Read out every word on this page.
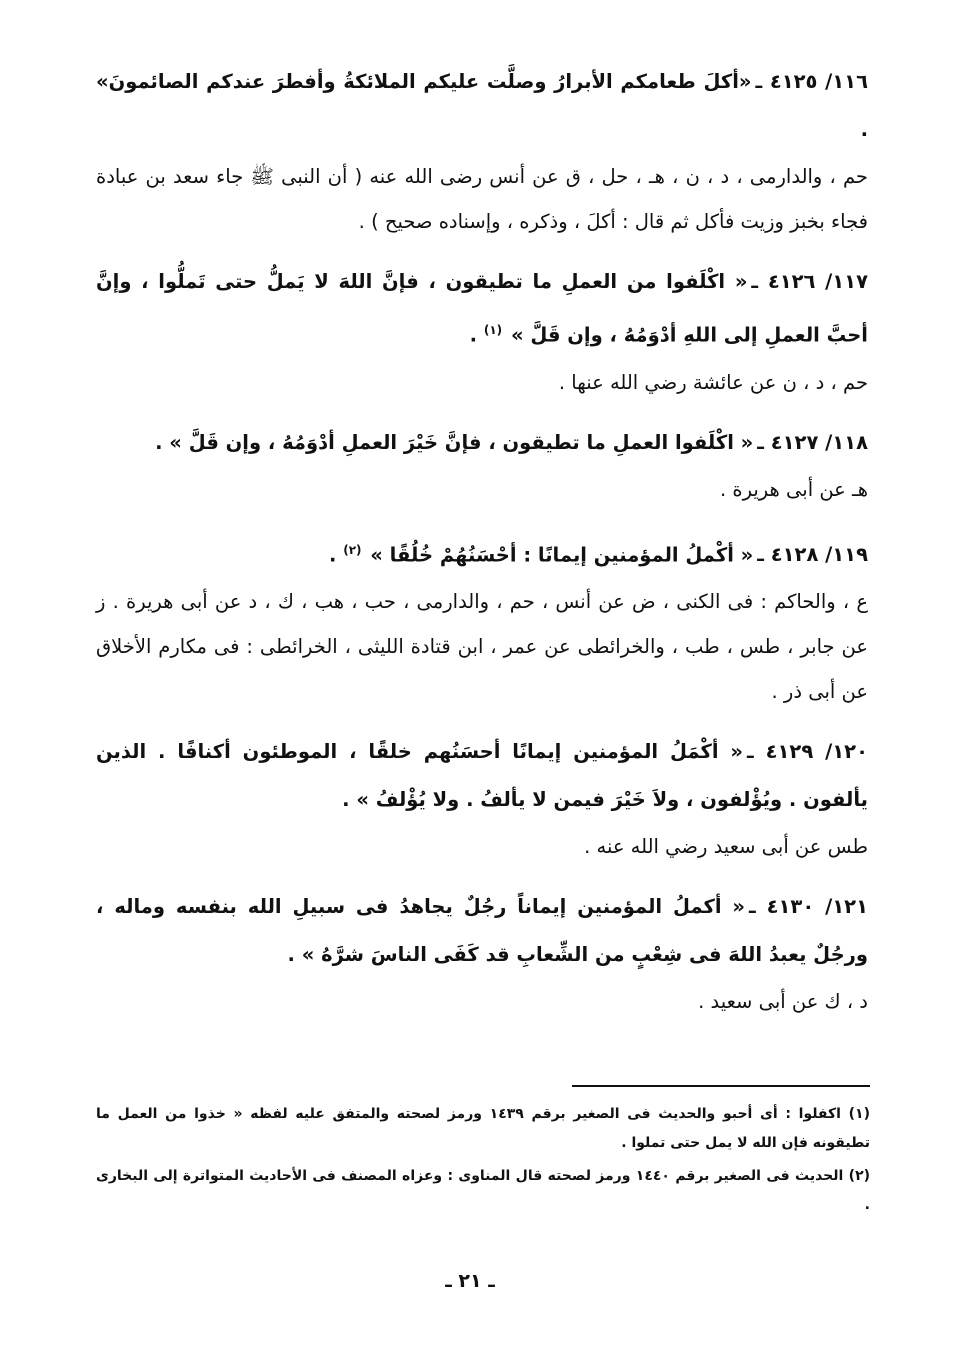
١١٦/ ٤١٢٥ ـ«أكلَ طعامكم الأبرارُ وصلَّت عليكم الملائكةُ وأفطرَ عندكم الصائمونَ» .

حم ، والدارمى ، د ، ن ، هـ ، حل ، ق عن أنس رضى الله عنه ( أن النبى ﷺ جاء سعد بن عبادة فجاء بخبز وزيت فأكل ثم قال : أكلَ ، وذكره ، وإسناده صحيح ) .

١١٧/ ٤١٢٦ ـ« اكْلَفوا من العملِ ما تطيقون ، فإنَّ اللهَ لا يَملُّ حتى تَملُّوا ، وإنَّ أحبَّ العملِ إلى اللهِ أدْوَمُهُ ، وإن قَلَّ » $^{(١)}$ .

حم ، د ، ن عن عائشة رضي الله عنها .

١١٨/ ٤١٢٧ ـ« اكْلَفوا العملِ ما تطيقون ، فإنَّ خَيْرَ العملِ أدْوَمُهُ ، وإن قَلَّ » .

هـ عن أبى هريرة .

١١٩/ ٤١٢٨ ـ« أكْملُ المؤمنين إيمانًا : أحْسَنُهُمْ خُلُقًا » $^{(٢)}$ .

ع ، والحاكم : فى الكنى ، ض عن أنس ، حم ، والدارمى ، حب ، هب ، ك ، د عن أبى هريرة . ز عن جابر ، طس ، طب ، والخرائطى عن عمر ، ابن قتادة الليثى ، الخرائطى : فى مكارم الأخلاق عن أبى ذر .

١٢٠/ ٤١٢٩ ـ« أكْمَلُ المؤمنين إيمانًا أحسَنُهم خلقًا ، الموطئون أكنافًا . الذين يألفون . ويُؤْلفون ، ولاَ خَيْرَ فيمن لا يألفُ . ولا يُؤْلفُ » .

طس عن أبى سعيد رضي الله عنه .

١٢١/ ٤١٣٠ ـ« أكملُ المؤمنين إيماناً رجُلٌ يجاهدُ فى سبيلِ الله بنفسه وماله ، ورجُلٌ يعبدُ اللهَ فى شِعْبٍ من الشِّعابِ قد كَفَى الناسَ شرَّهُ » .

د ، ك عن أبى سعيد .

(١) اكفلوا : أى أحبو والحديث فى الصغير برقم ١٤٣٩ ورمز لصحته والمتفق عليه لفظه « خذوا من العمل ما تطيقونه فإن الله لا يمل حتى تملوا .

(٢) الحديث فى الصغير برقم ١٤٤٠ ورمز لصحته قال المناوى : وعزاه المصنف فى الأحاديث المتواترة إلى البخارى .

ـ ٢١ ـ
